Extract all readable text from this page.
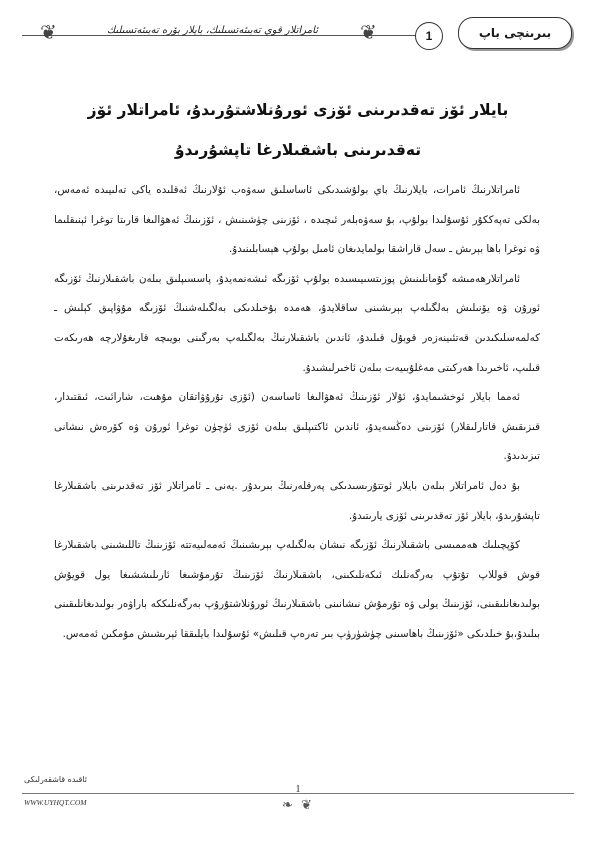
❦	❦
ئامراتلار قوي تەبىئەتسىلىك، بايلار بۆرە تەبىئەتسىلىك	1	بىرىنچى باپ
بايلار ئۆز تەقدىرىنى ئۆزى ئورۇنلاشتۇرىدۇ، ئامراتلار ئۆز
تەقدىرىنى باشقىلارغا تاپشۇرىدۇ

ئامراتلارنىڭ ئامرات، بايلارنىڭ باي بولۇشىدىكى ئاساسلىق سەۋەب ئۇلارنىڭ ئەقلىدە ياكى تەلىيىدە ئەمەس، بەلكى تەپەككۇر ئۇسۇلىدا بولۇپ، بۇ سەۋەبلەر ئىچىدە ، ئۆزىنى چۈشىنىش ، ئۆزىنىڭ ئەھۋالىغا قارىتا توغرا ئېنىقلىما ۋە توغرا باھا بېرىش ـ سەل قاراشقا بولمايدىغان ئامىل بولۇپ ھېسابلىنىدۇ.

ئامراتلارھەمىشە گۇمانلىنىش پوزىتسىيىسىدە بولۇپ ئۆزىگە ئىشەنمەيدۇ، پاسسىپلىق بىلەن باشقىلارنىڭ ئۆزىگە ئورۇن ۋە يۆنىلىش بەلگىلەپ بېرىشىنى ساقلايدۇ، ھەمدە بۇخىلدىكى بەلگىلەشنىڭ ئۆزىگە مۇۋاپىق كېلىش ـ كەلمەسلىكىدىن قەتئىينەزەر قوبۇل قىلىدۇ، ئاندىن باشقىلارنىڭ بەلگىلەپ بەرگىنى بويىچە قارىغۇلارچە ھەرىكەت قىلىپ، ئاخىرىدا ھەركىتى مەغلۇبىيەت بىلەن ئاخىرلىشىدۇ.

ئەمما بايلار ئوخشىمايدۇ، ئۇلار ئۆزىنىڭ ئەھۋالىغا ئاساسەن (ئۆزى تۇرۇۋاتقان مۇھىت، شارائىت، ئىقتىدار، قىزىقىش قاتارلىقلار) ئۆزىنى دەڭسەيدۇ، ئاندىن ئاكتىپلىق بىلەن ئۆزى ئۈچۈن توغرا ئورۇن ۋە كۆرەش نىشانى تىزىدىدۇ.

بۇ دەل ئامراتلار بىلەن بايلار ئوتتۇرىسىدىكى پەرقلەرنىڭ بىرىدۇر .يەنى ـ ئامراتلار ئۆز تەقدىرىنى باشقىلارغا تاپشۇرىدۇ، بايلار ئۆز تەقدىرىنى ئۆزى يارىتىدۇ.

كۆپچىلىك ھەممىسى باشقىلارنىڭ ئۆزىگە نىشان بەلگىلەپ بېرىشىنىڭ ئەمەلىيەتتە ئۆزىنىڭ تاللىشىنى باشقىلارغا قوش قوللاپ تۇتۇپ بەرگەنلىك ئىكەنلىكىنى، باشقىلارنىڭ ئۆزىنىڭ تۇرمۇشىغا ئارىلىششىغا يول قويۇش بولىدىغانلىقىنى، ئۆزىنىڭ يولى ۋە تۇرمۇش نىشانىنى باشقىلارنىڭ ئورۇنلاشتۇرۇپ بەرگەنلىككە باراۋەر بولىدىغانلىقىنى بىلىدۇ،بۇ خىلدىكى «ئۆزىنىڭ باھاسىنى چۈشۈرۈپ بىر تەرەپ قىلىش» ئۇسۇلىدا بايلىققا ئېرىشىش مۇمكىن ئەمەس.

ئاقىدە قاشقەرلىكى
WWW.UYHQT.COM
1
❧ ❦
